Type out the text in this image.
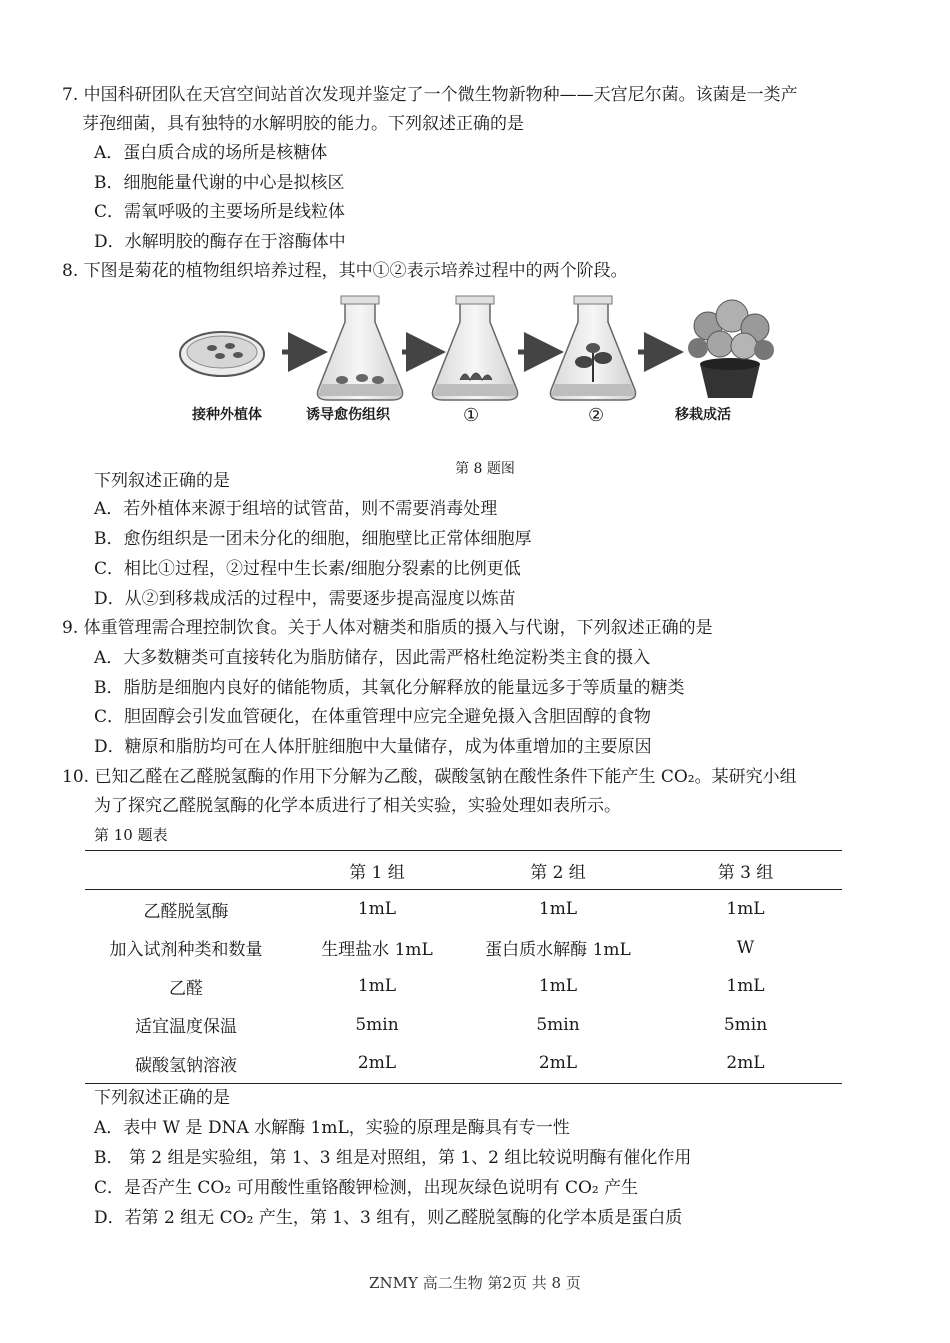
7. 中国科研团队在天宫空间站首次发现并鉴定了一个微生物新物种——天宫尼尔菌。该菌是一类产
芽孢细菌，具有独特的水解明胶的能力。下列叙述正确的是
A．蛋白质合成的场所是核糖体
B．细胞能量代谢的中心是拟核区
C．需氧呼吸的主要场所是线粒体
D．水解明胶的酶存在于溶酶体中
8. 下图是菊花的植物组织培养过程，其中①②表示培养过程中的两个阶段。
接种外植体	诱导愈伤组织	①	②	移栽成活
第 8 题图
下列叙述正确的是
A．若外植体来源于组培的试管苗，则不需要消毒处理
B．愈伤组织是一团未分化的细胞，细胞壁比正常体细胞厚
C．相比①过程，②过程中生长素/细胞分裂素的比例更低
D．从②到移栽成活的过程中，需要逐步提高湿度以炼苗
9. 体重管理需合理控制饮食。关于人体对糖类和脂质的摄入与代谢，下列叙述正确的是
A．大多数糖类可直接转化为脂肪储存，因此需严格杜绝淀粉类主食的摄入
B．脂肪是细胞内良好的储能物质，其氧化分解释放的能量远多于等质量的糖类
C．胆固醇会引发血管硬化，在体重管理中应完全避免摄入含胆固醇的食物
D．糖原和脂肪均可在人体肝脏细胞中大量储存，成为体重增加的主要原因
10. 已知乙醛在乙醛脱氢酶的作用下分解为乙酸，碳酸氢钠在酸性条件下能产生 CO₂。某研究小组
为了探究乙醛脱氢酶的化学本质进行了相关实验，实验处理如表所示。
第 10 题表
	第 1 组	第 2 组	第 3 组
乙醛脱氢酶	1mL	1mL	1mL
加入试剂种类和数量	生理盐水 1mL	蛋白质水解酶 1mL	W
乙醛	1mL	1mL	1mL
适宜温度保温	5min	5min	5min
碳酸氢钠溶液	2mL	2mL	2mL
下列叙述正确的是
A．表中 W 是 DNA 水解酶 1mL，实验的原理是酶具有专一性
B． 第 2 组是实验组，第 1、3 组是对照组，第 1、2 组比较说明酶有催化作用
C．是否产生 CO₂ 可用酸性重铬酸钾检测，出现灰绿色说明有 CO₂ 产生
D．若第 2 组无 CO₂ 产生，第 1、3 组有，则乙醛脱氢酶的化学本质是蛋白质
ZNMY 高二生物 第2页 共 8 页
